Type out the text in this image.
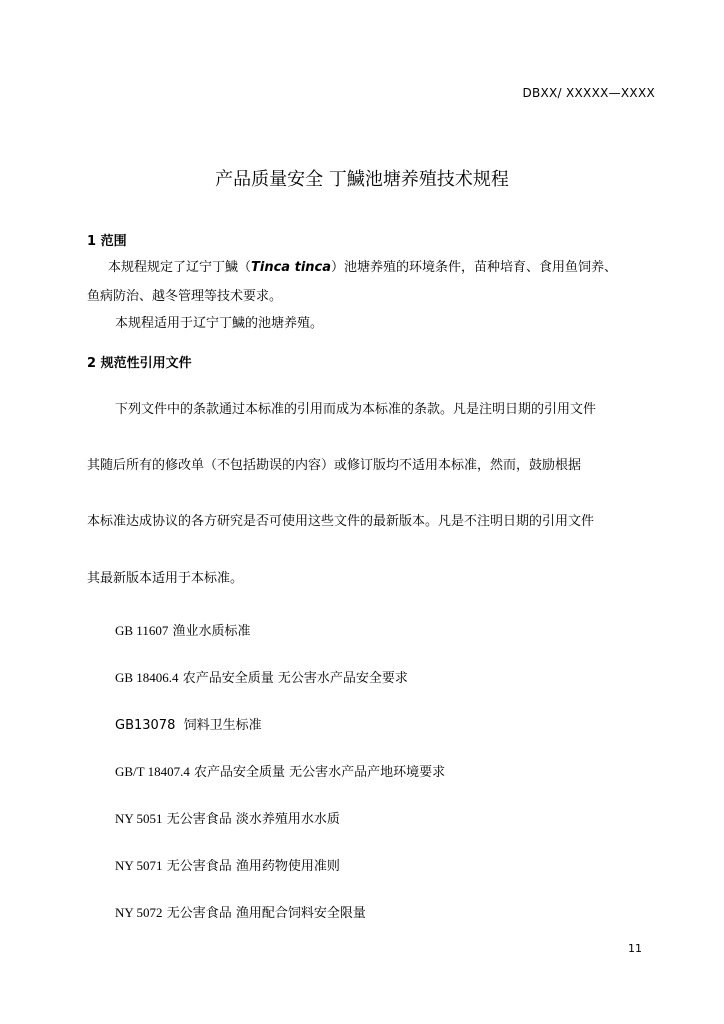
DBXX/ XXXXX—XXXX
产品质量安全 丁鱥池塘养殖技术规程
1 范围
本规程规定了辽宁丁鱥（Tinca tinca）池塘养殖的环境条件，苗种培育、食用鱼饲养、
鱼病防治、越冬管理等技术要求。
本规程适用于辽宁丁鱥的池塘养殖。
2 规范性引用文件
下列文件中的条款通过本标准的引用而成为本标准的条款。凡是注明日期的引用文件
其随后所有的修改单（不包括勘误的内容）或修订版均不适用本标准，然而，鼓励根据
本标准达成协议的各方研究是否可使用这些文件的最新版本。凡是不注明日期的引用文件
其最新版本适用于本标准。
GB 11607 渔业水质标准
GB 18406.4 农产品安全质量 无公害水产品安全要求
GB13078 饲料卫生标准
GB/T 18407.4 农产品安全质量 无公害水产品产地环境要求
NY 5051 无公害食品 淡水养殖用水水质
NY 5071 无公害食品 渔用药物使用准则
NY 5072 无公害食品 渔用配合饲料安全限量
11
